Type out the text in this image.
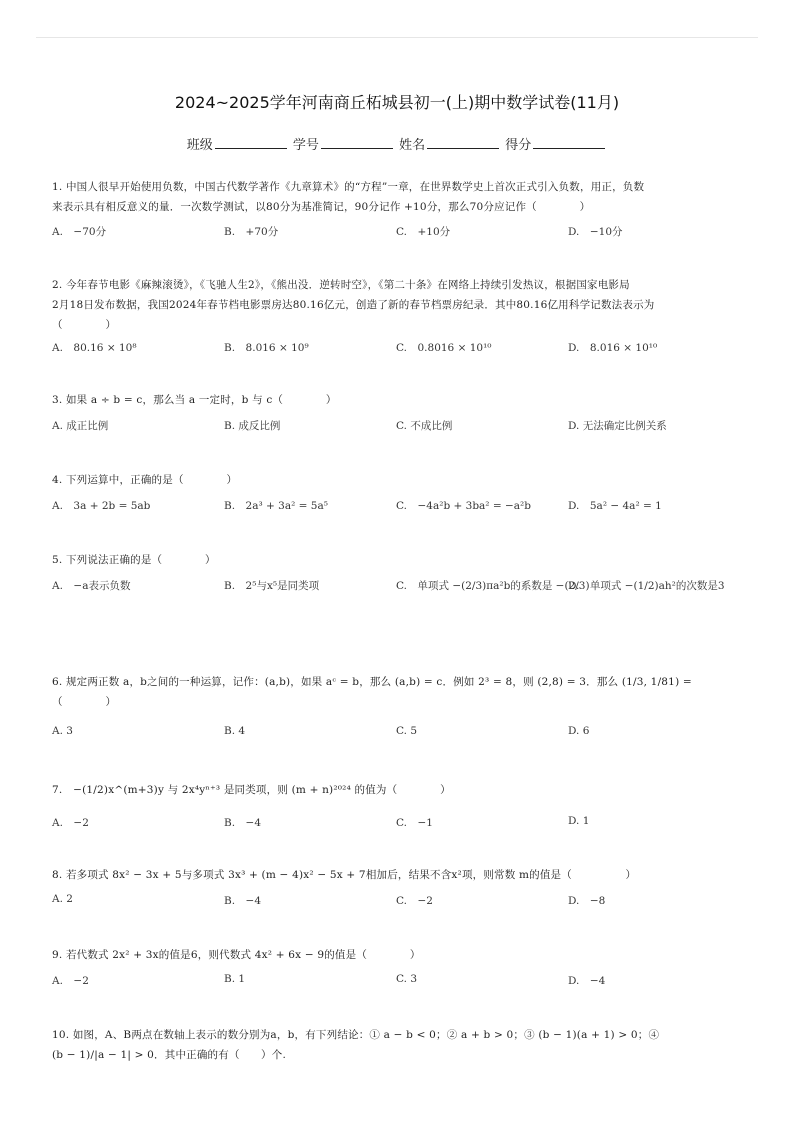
2024~2025学年河南商丘柘城县初一(上)期中数学试卷(11月)
班级	学号	姓名	得分
1. 中国人很早开始使用负数，中国古代数学著作《九章算术》的“方程”一章，在世界数学史上首次正式引入负数，用正，负数
来表示具有相反意义的量．一次数学测试，以80分为基准简记，90分记作 +10分，那么70分应记作（　　　　）
A.　−70分	B.　+70分	C.　+10分	D.　−10分
2. 今年春节电影《麻辣滚烫》，《飞驰人生2》，《熊出没．逆转时空》，《第二十条》在网络上持续引发热议，根据国家电影局
2月18日发布数据，我国2024年春节档电影票房达80.16亿元，创造了新的春节档票房纪录．其中80.16亿用科学记数法表示为
（　　　　）
A.　80.16 × 10⁸	B.　8.016 × 10⁹	C.　0.8016 × 10¹⁰	D.　8.016 × 10¹⁰
3. 如果 a ÷ b = c，那么当 a 一定时，b 与 c（　　　　）
A. 成正比例	B. 成反比例	C. 不成比例	D. 无法确定比例关系
4. 下列运算中，正确的是（　　　　）
A.　3a + 2b = 5ab	B.　2a³ + 3a² = 5a⁵	C.　−4a²b + 3ba² = −a²b	D.　5a² − 4a² = 1
5. 下列说法正确的是（　　　　）
A.　−a表示负数	B.　2⁵与x⁵是同类项	C.　单项式 −(2/3)πa²b的系数是 −(2/3)
D.　单项式 −(1/2)ah²的次数是3
6. 规定两正数 a，b之间的一种运算，记作：(a,b)，如果 aᶜ = b，那么 (a,b) = c．例如 2³ = 8，则 (2,8) = 3．那么 (1/3, 1/81) =
（　　　　）
A. 3	B. 4	C. 5	D. 6
7.　−(1/2)x^(m+3)y 与 2x⁴yⁿ⁺³ 是同类项，则 (m + n)²⁰²⁴ 的值为（　　　　）
A.　−2	B.　−4	C.　−1	D. 1
8. 若多项式 8x² − 3x + 5与多项式 3x³ + (m − 4)x² − 5x + 7相加后，结果不含x²项，则常数 m的值是（　　　　　）
A. 2	B.　−4	C.　−2	D.　−8
9. 若代数式 2x² + 3x的值是6，则代数式 4x² + 6x − 9的值是（　　　　）
A.　−2	B. 1	C. 3	D.　−4
10. 如图，A、B两点在数轴上表示的数分别为a，b，有下列结论：① a − b < 0；② a + b > 0；③ (b − 1)(a + 1) > 0；④
(b − 1)/|a − 1| > 0．其中正确的有（　　）个.
